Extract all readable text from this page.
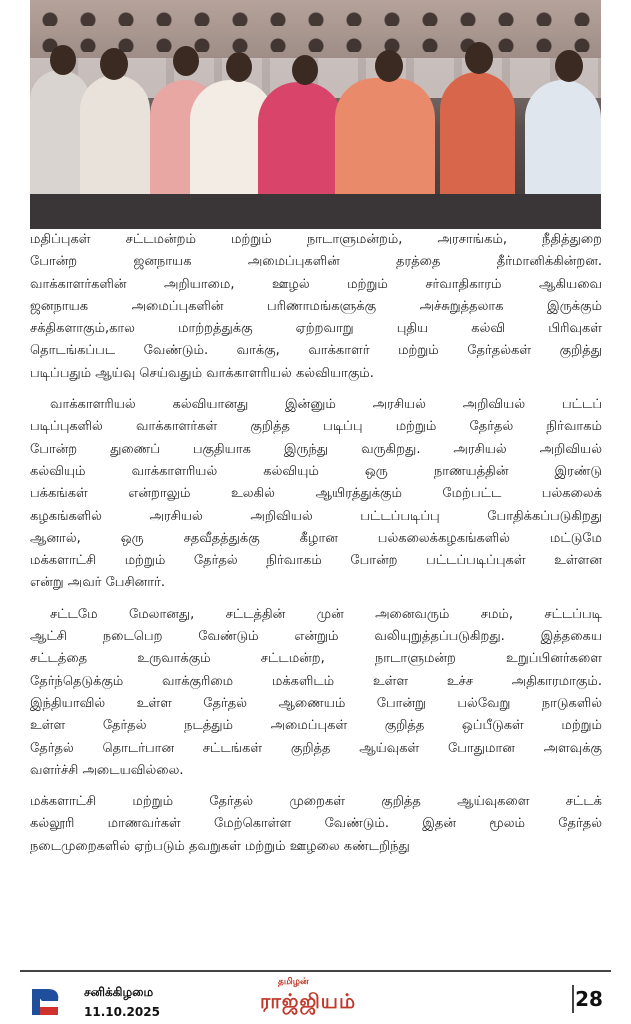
மதிப்புகள் சட்டமன்றம் மற்றும் நாடாளுமன்றம், அரசாங்கம், நீதித்துறை
போன்ற ஜனநாயக அமைப்புகளின் தரத்தை தீர்மானிக்கின்றன.
வாக்காளர்களின் அறியாமை, ஊழல் மற்றும் சர்வாதிகாரம் ஆகியவை
ஜனநாயக அமைப்புகளின் பரிணாமங்களுக்கு அச்சுறுத்தலாக இருக்கும்
சக்திகளாகும்,கால மாற்றத்துக்கு ஏற்றவாறு புதிய கல்வி பிரிவுகள்
தொடங்கப்பட வேண்டும். வாக்கு, வாக்காளர் மற்றும் தேர்தல்கள் குறித்து
படிப்பதும் ஆய்வு செய்வதும் வாக்காளரியல் கல்வியாகும்.
வாக்காளரியல் கல்வியானது இன்னும் அரசியல் அறிவியல் பட்டப்
படிப்புகளில் வாக்காளர்கள் குறித்த படிப்பு மற்றும் தேர்தல் நிர்வாகம்
போன்ற துணைப் பகுதியாக இருந்து வருகிறது. அரசியல் அறிவியல்
கல்வியும் வாக்காளரியல் கல்வியும் ஒரு நாணயத்தின் இரண்டு
பக்கங்கள் என்றாலும் உலகில் ஆயிரத்துக்கும் மேற்பட்ட பல்கலைக்
கழகங்களில் அரசியல் அறிவியல் பட்டப்படிப்பு போதிக்கப்படுகிறது
ஆனால், ஒரு சதவீதத்துக்கு கீழான பல்கலைக்கழகங்களில் மட்டுமே
மக்களாட்சி மற்றும் தேர்தல் நிர்வாகம் போன்ற பட்டப்படிப்புகள் உள்ளன
என்று அவர் பேசினார்.
சட்டமே மேலானது, சட்டத்தின் முன் அனைவரும் சமம், சட்டப்படி
ஆட்சி நடைபெற வேண்டும் என்றும் வலியுறுத்தப்படுகிறது. இத்தகைய
சட்டத்தை உருவாக்கும் சட்டமன்ற, நாடாளுமன்ற உறுப்பினர்களை
தேர்ந்தெடுக்கும் வாக்குரிமை மக்களிடம் உள்ள உச்ச அதிகாரமாகும்.
இந்தியாவில் உள்ள தேர்தல் ஆணையம் போன்று பல்வேறு நாடுகளில்
உள்ள தேர்தல் நடத்தும் அமைப்புகள் குறித்த ஒப்பீடுகள் மற்றும்
தேர்தல் தொடர்பான சட்டங்கள் குறித்த ஆய்வுகள் போதுமான அளவுக்கு
வளர்ச்சி அடையவில்லை.
மக்களாட்சி மற்றும் தேர்தல் முறைகள் குறித்த ஆய்வுகளை சட்டக்
கல்லூரி மாணவர்கள் மேற்கொள்ள வேண்டும். இதன் மூலம் தேர்தல்
நடைமுறைகளில் ஏற்படும் தவறுகள் மற்றும் ஊழலை கண்டறிந்து
சனிக்கிழமை
11.10.2025
தமிழன்
ராஜ்ஜியம்	28
